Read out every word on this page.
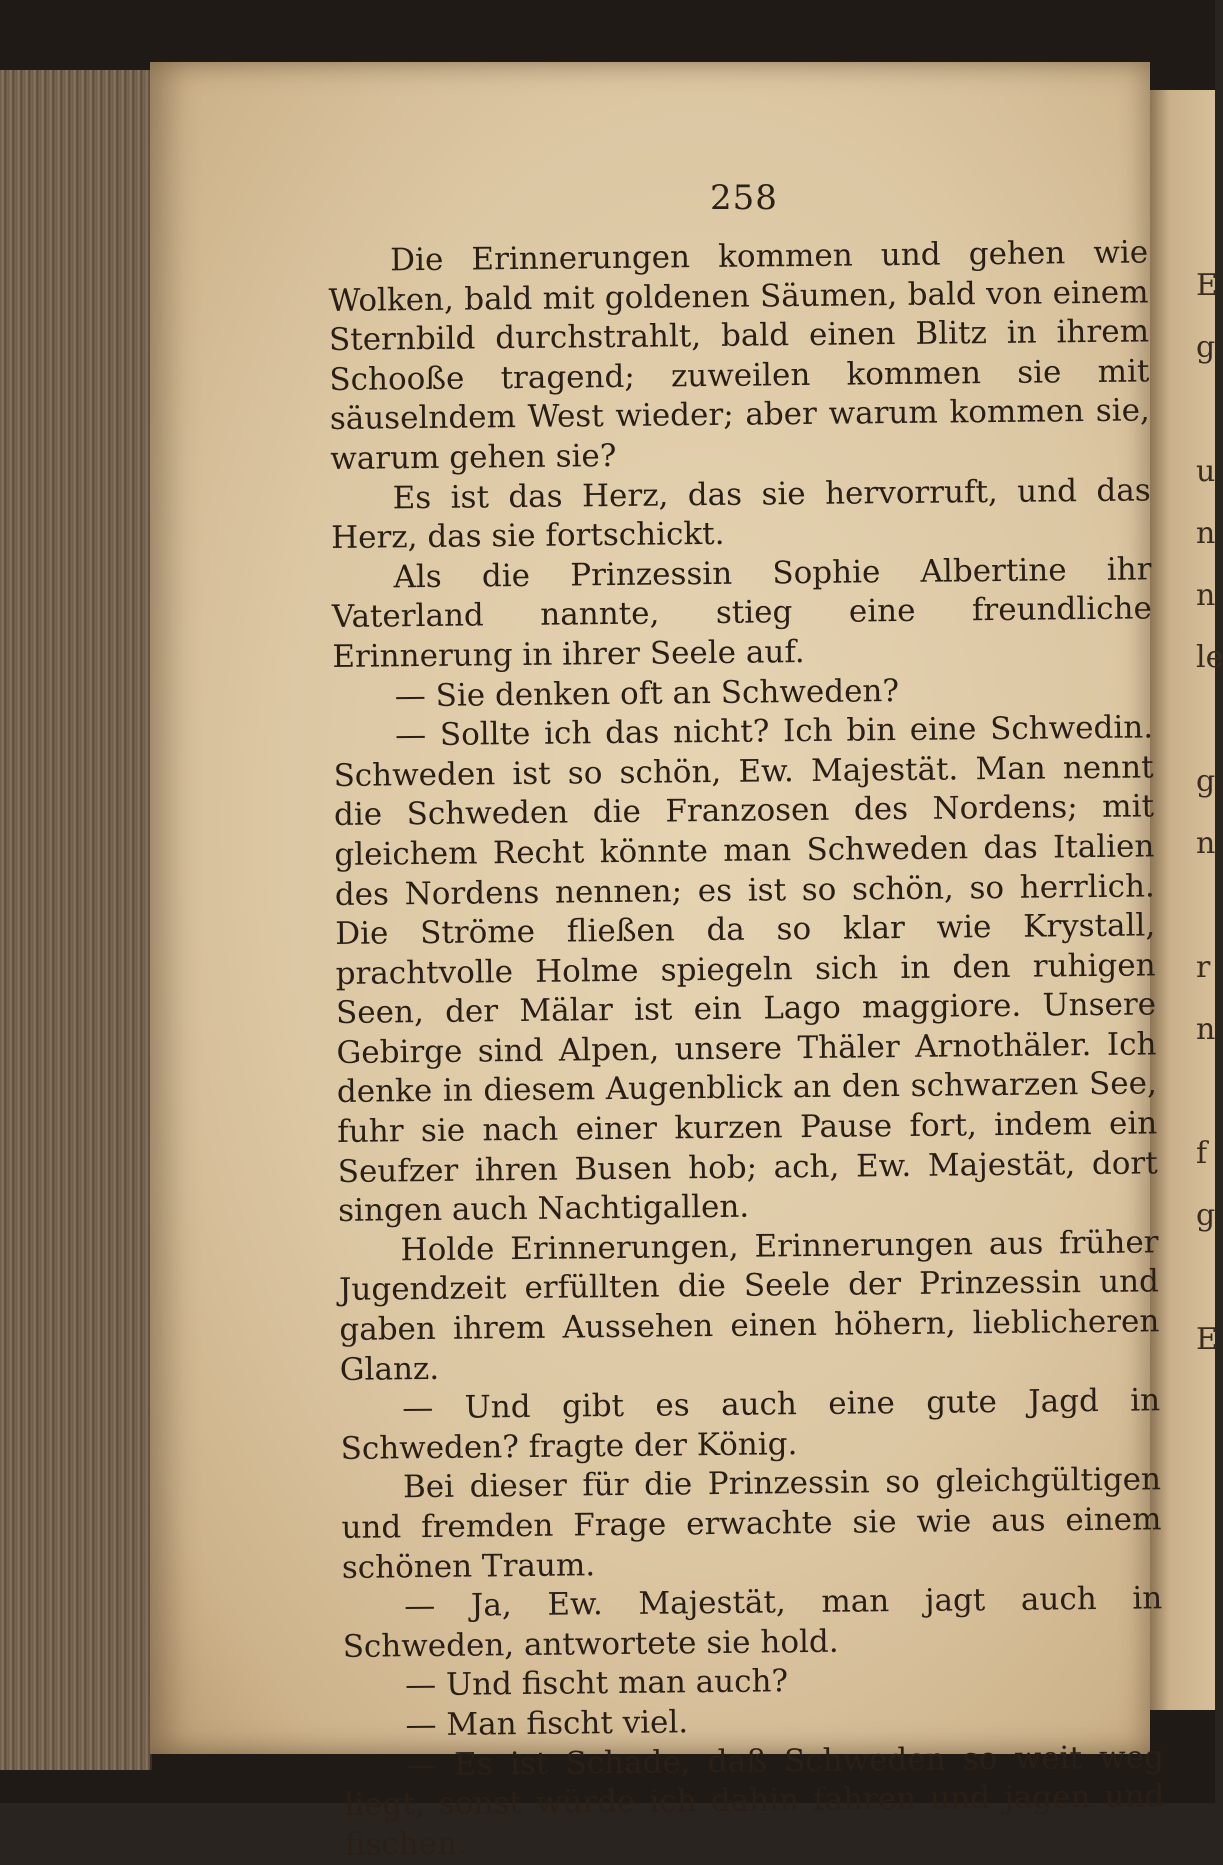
E
g

u
n
n
le

g
n

r
n

f
g

E
258

Die Erinnerungen kommen und gehen wie Wolken, bald mit goldenen Säumen, bald von einem Sternbild durchstrahlt, bald einen Blitz in ihrem Schooße tragend; zuweilen kommen sie mit säuselndem West wieder; aber warum kommen sie, warum gehen sie?

Es ist das Herz, das sie hervorruft, und das Herz, das sie fortschickt.

Als die Prinzessin Sophie Albertine ihr Vaterland nannte, stieg eine freundliche Erinnerung in ihrer Seele auf.

— Sie denken oft an Schweden?

— Sollte ich das nicht? Ich bin eine Schwedin. Schweden ist so schön, Ew. Majestät. Man nennt die Schweden die Franzosen des Nordens; mit gleichem Recht könnte man Schweden das Italien des Nordens nennen; es ist so schön, so herrlich. Die Ströme fließen da so klar wie Krystall, prachtvolle Holme spiegeln sich in den ruhigen Seen, der Mälar ist ein Lago maggiore. Unsere Gebirge sind Alpen, unsere Thäler Arnothäler. Ich denke in diesem Augenblick an den schwarzen See, fuhr sie nach einer kurzen Pause fort, indem ein Seufzer ihren Busen hob; ach, Ew. Majestät, dort singen auch Nachtigallen.

Holde Erinnerungen, Erinnerungen aus früher Jugendzeit erfüllten die Seele der Prinzessin und gaben ihrem Aussehen einen höhern, lieblicheren Glanz.

— Und gibt es auch eine gute Jagd in Schweden? fragte der König.

Bei dieser für die Prinzessin so gleichgültigen und fremden Frage erwachte sie wie aus einem schönen Traum.

— Ja, Ew. Majestät, man jagt auch in Schweden, antwortete sie hold.

— Und fischt man auch?

— Man fischt viel.

— Es ist Schade, daß Schweden so weit weg liegt, sonst würde ich dahin fahren und jagen und fischen.
